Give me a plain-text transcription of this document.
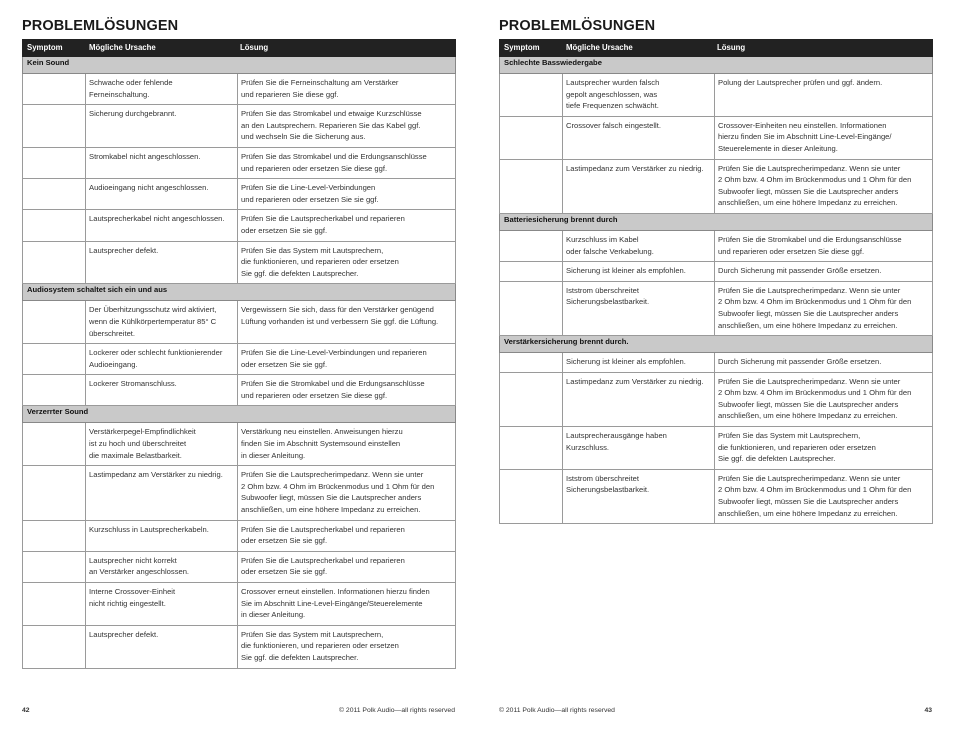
PROBLEMLÖSUNGEN
Symptom	Mögliche Ursache	Lösung
Kein Sound		
	Schwache oder fehlende
Ferneinschaltung.	Prüfen Sie die Ferneinschaltung am Verstärker
und reparieren Sie diese ggf.
	Sicherung durchgebrannt.	Prüfen Sie das Stromkabel und etwaige Kurzschlüsse
an den Lautsprechern. Reparieren Sie das Kabel ggf.
und wechseln Sie die Sicherung aus.
	Stromkabel nicht angeschlossen.	Prüfen Sie das Stromkabel und die Erdungsanschlüsse
und reparieren oder ersetzen Sie diese ggf.
	Audioeingang nicht angeschlossen.	Prüfen Sie die Line-Level-Verbindungen
und reparieren oder ersetzen Sie sie ggf.
	Lautsprecherkabel nicht angeschlossen.	Prüfen Sie die Lautsprecherkabel und reparieren
oder ersetzen Sie sie ggf.
	Lautsprecher defekt.	Prüfen Sie das System mit Lautsprechern,
die funktionieren, und reparieren oder ersetzen
Sie ggf. die defekten Lautsprecher.
Audiosystem schaltet sich ein und aus		
	Der Überhitzungsschutz wird aktiviert,
wenn die Kühlkörpertemperatur 85° C
überschreitet.	Vergewissern Sie sich, dass für den Verstärker genügend
Lüftung vorhanden ist und verbessern Sie ggf. die Lüftung.
	Lockerer oder schlecht funktionierender
Audioeingang.	Prüfen Sie die Line-Level-Verbindungen und reparieren
oder ersetzen Sie sie ggf.
	Lockerer Stromanschluss.	Prüfen Sie die Stromkabel und die Erdungsanschlüsse
und reparieren oder ersetzen Sie diese ggf.
Verzerrter Sound		
	Verstärkerpegel-Empfindlichkeit
ist zu hoch und überschreitet
die maximale Belastbarkeit.	Verstärkung neu einstellen. Anweisungen hierzu
finden Sie im Abschnitt Systemsound einstellen
in dieser Anleitung.
	Lastimpedanz am Verstärker zu niedrig.	Prüfen Sie die Lautsprecherimpedanz. Wenn sie unter
2 Ohm bzw. 4 Ohm im Brückenmodus und 1 Ohm für den
Subwoofer liegt, müssen Sie die Lautsprecher anders
anschließen, um eine höhere Impedanz zu erreichen.
	Kurzschluss in Lautsprecherkabeln.	Prüfen Sie die Lautsprecherkabel und reparieren
oder ersetzen Sie sie ggf.
	Lautsprecher nicht korrekt
an Verstärker angeschlossen.	Prüfen Sie die Lautsprecherkabel und reparieren
oder ersetzen Sie sie ggf.
	Interne Crossover-Einheit
nicht richtig eingestellt.	Crossover erneut einstellen. Informationen hierzu finden
Sie im Abschnitt Line-Level-Eingänge/Steuerelemente
in dieser Anleitung.
	Lautsprecher defekt.	Prüfen Sie das System mit Lautsprechern,
die funktionieren, und reparieren oder ersetzen
Sie ggf. die defekten Lautsprecher.
42	© 2011 Polk Audio—all rights reserved
PROBLEMLÖSUNGEN
Symptom	Mögliche Ursache	Lösung
Schlechte Basswiedergabe		
	Lautsprecher wurden falsch
gepolt angeschlossen, was
tiefe Frequenzen schwächt.	Polung der Lautsprecher prüfen und ggf. ändern.
	Crossover falsch eingestellt.	Crossover-Einheiten neu einstellen. Informationen
hierzu finden Sie im Abschnitt Line-Level-Eingänge/
Steuerelemente in dieser Anleitung.
	Lastimpedanz zum Verstärker zu niedrig.	Prüfen Sie die Lautsprecherimpedanz. Wenn sie unter
2 Ohm bzw. 4 Ohm im Brückenmodus und 1 Ohm für den
Subwoofer liegt, müssen Sie die Lautsprecher anders
anschließen, um eine höhere Impedanz zu erreichen.
Batteriesicherung brennt durch		
	Kurzschluss im Kabel
oder falsche Verkabelung.	Prüfen Sie die Stromkabel und die Erdungsanschlüsse
und reparieren oder ersetzen Sie diese ggf.
	Sicherung ist kleiner als empfohlen.	Durch Sicherung mit passender Größe ersetzen.
	Iststrom überschreitet
Sicherungsbelastbarkeit.	Prüfen Sie die Lautsprecherimpedanz. Wenn sie unter
2 Ohm bzw. 4 Ohm im Brückenmodus und 1 Ohm für den
Subwoofer liegt, müssen Sie die Lautsprecher anders
anschließen, um eine höhere Impedanz zu erreichen.
Verstärkersicherung brennt durch.		
	Sicherung ist kleiner als empfohlen.	Durch Sicherung mit passender Größe ersetzen.
	Lastimpedanz zum Verstärker zu niedrig.	Prüfen Sie die Lautsprecherimpedanz. Wenn sie unter
2 Ohm bzw. 4 Ohm im Brückenmodus und 1 Ohm für den
Subwoofer liegt, müssen Sie die Lautsprecher anders
anschließen, um eine höhere Impedanz zu erreichen.
	Lautsprecherausgänge haben
Kurzschluss.	Prüfen Sie das System mit Lautsprechern,
die funktionieren, und reparieren oder ersetzen
Sie ggf. die defekten Lautsprecher.
	Iststrom überschreitet
Sicherungsbelastbarkeit.	Prüfen Sie die Lautsprecherimpedanz. Wenn sie unter
2 Ohm bzw. 4 Ohm im Brückenmodus und 1 Ohm für den
Subwoofer liegt, müssen Sie die Lautsprecher anders
anschließen, um eine höhere Impedanz zu erreichen.
© 2011 Polk Audio—all rights reserved	43
